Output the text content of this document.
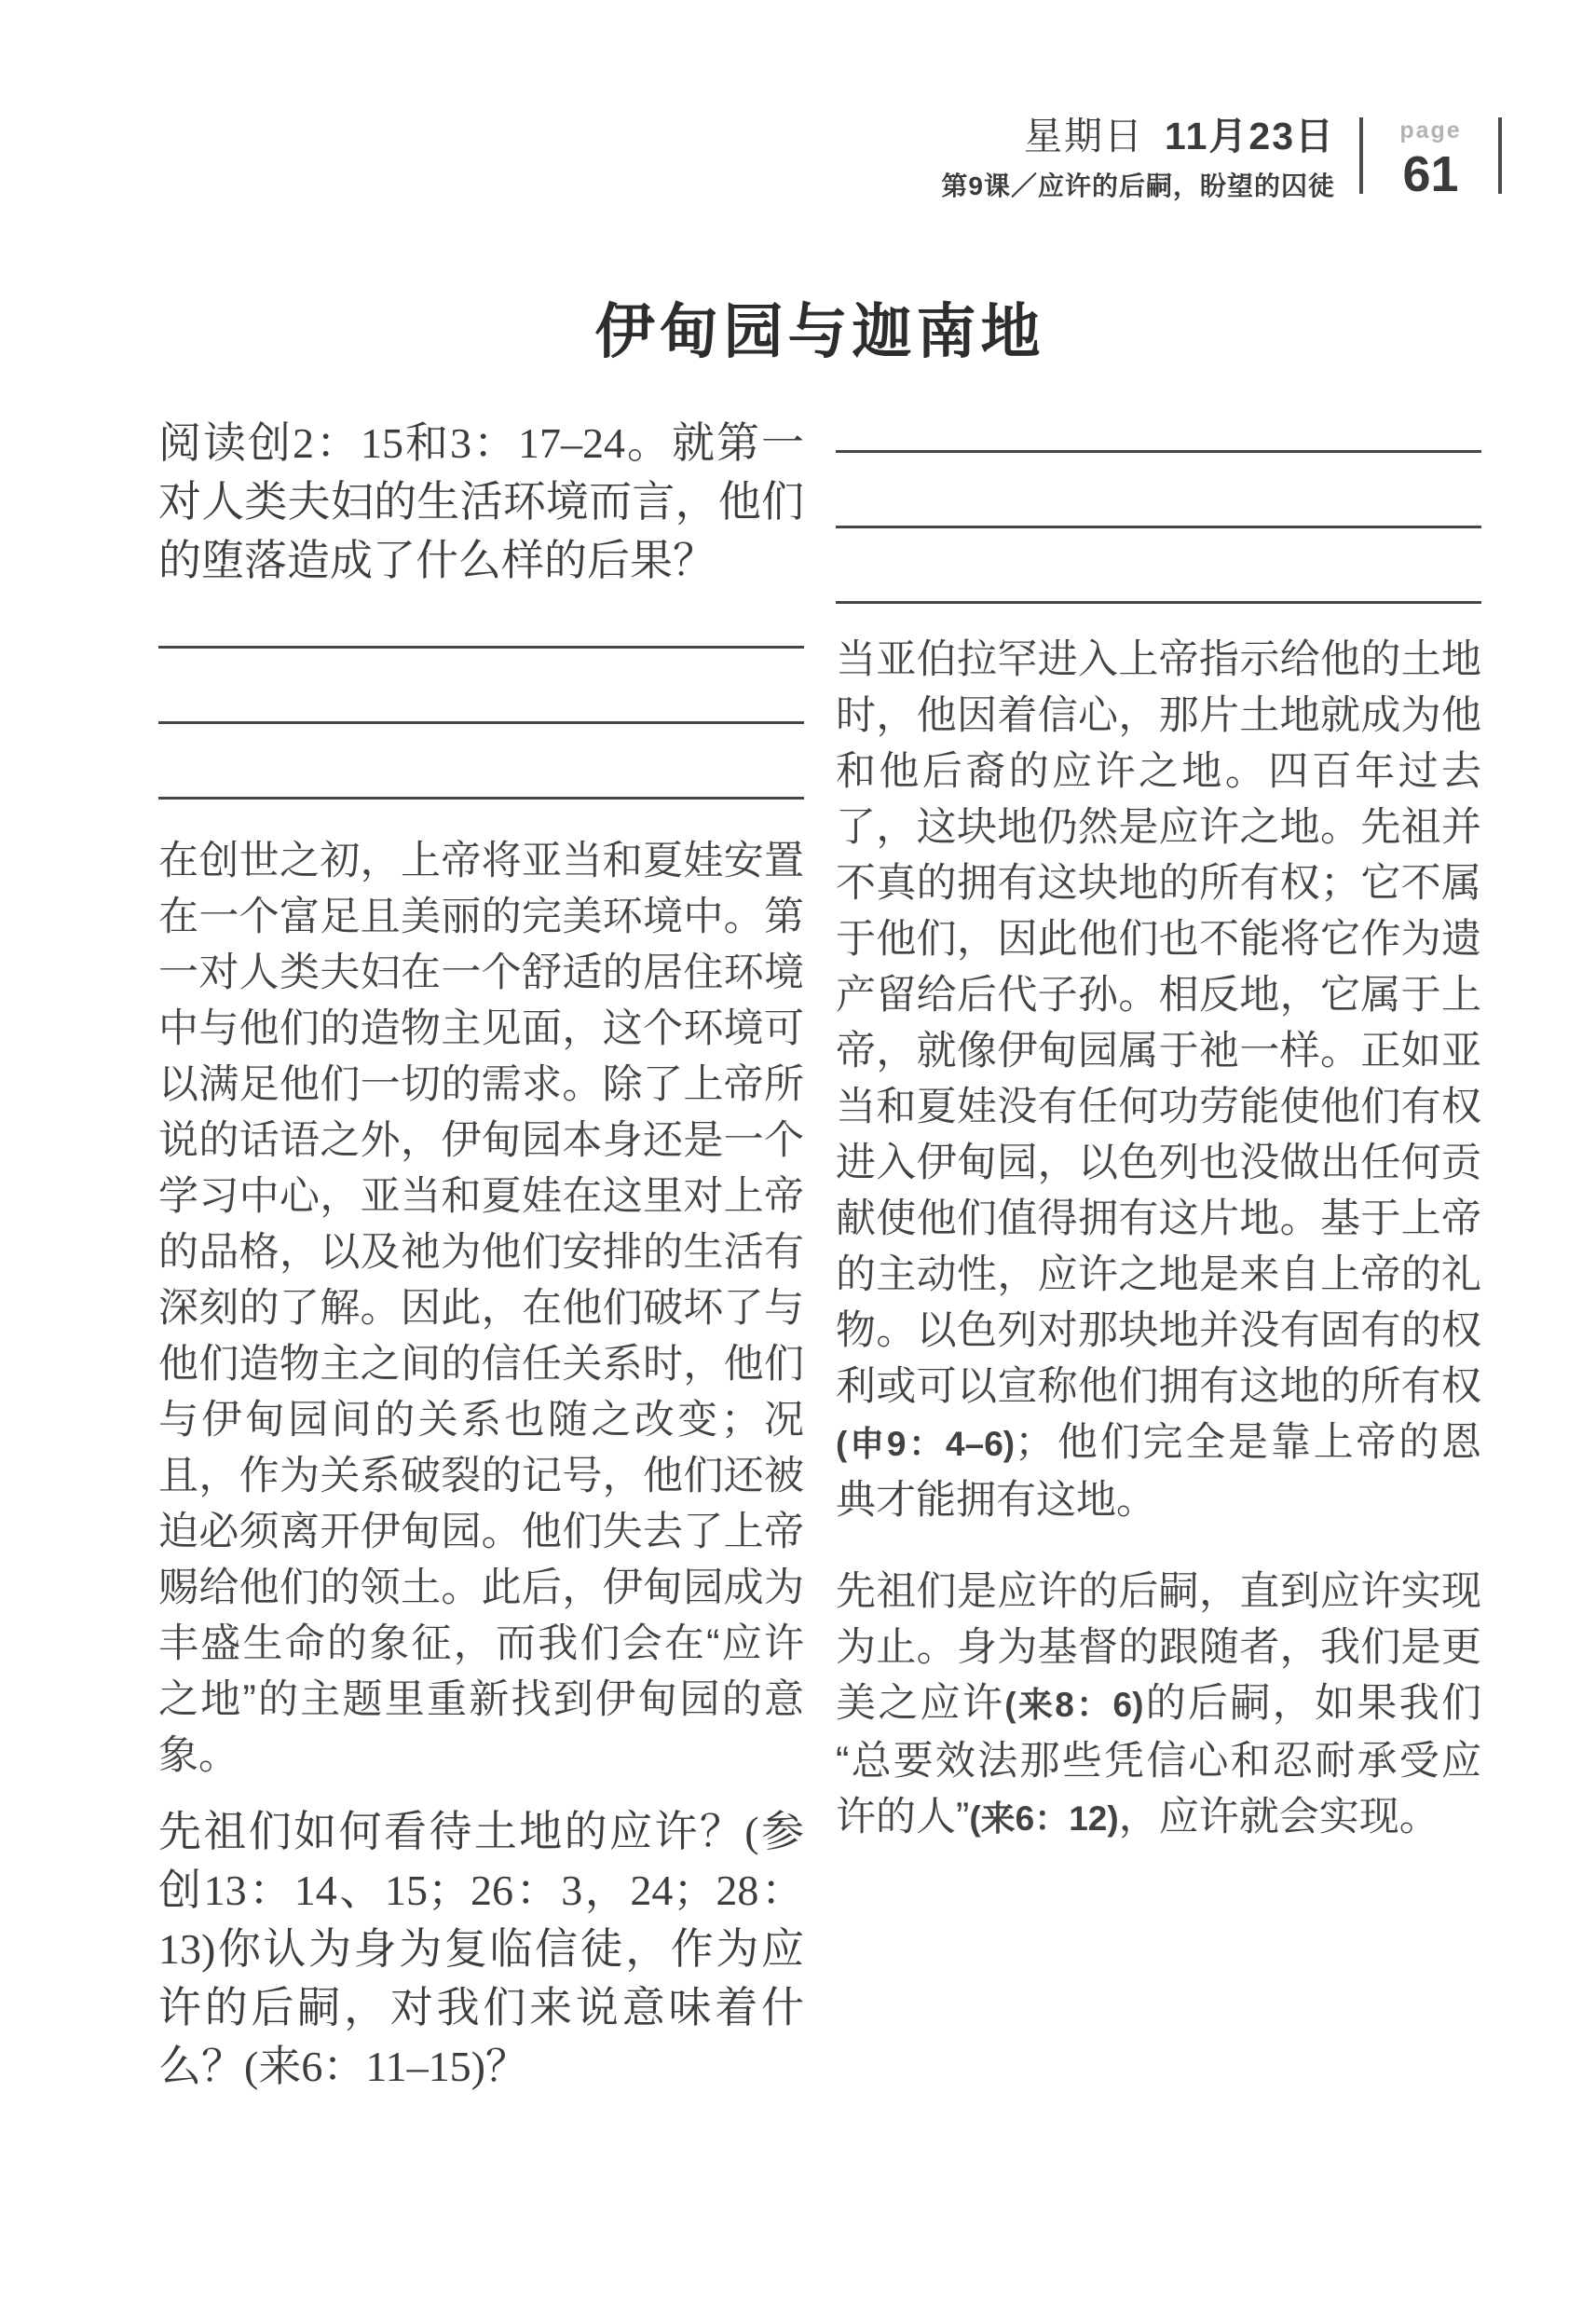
星期日 11月23日
第9课／应许的后嗣，盼望的囚徒
page
61
伊甸园与迦南地

阅读创2：15和3：17–24。就第一对人类夫妇的生活环境而言，他们的堕落造成了什么样的后果？

在创世之初，上帝将亚当和夏娃安置在一个富足且美丽的完美环境中。第一对人类夫妇在一个舒适的居住环境中与他们的造物主见面，这个环境可以满足他们一切的需求。除了上帝所说的话语之外，伊甸园本身还是一个学习中心，亚当和夏娃在这里对上帝的品格，以及祂为他们安排的生活有深刻的了解。因此，在他们破坏了与他们造物主之间的信任关系时，他们与伊甸园间的关系也随之改变；况且，作为关系破裂的记号，他们还被迫必须离开伊甸园。他们失去了上帝赐给他们的领土。此后，伊甸园成为丰盛生命的象征，而我们会在“应许之地”的主题里重新找到伊甸园的意象。

先祖们如何看待土地的应许？(参创13：14、15；26：3，24；28：13)你认为身为复临信徒，作为应许的后嗣，对我们来说意味着什么？(来6：11–15)？

当亚伯拉罕进入上帝指示给他的土地时，他因着信心，那片土地就成为他和他后裔的应许之地。四百年过去了，这块地仍然是应许之地。先祖并不真的拥有这块地的所有权；它不属于他们，因此他们也不能将它作为遗产留给后代子孙。相反地，它属于上帝，就像伊甸园属于祂一样。正如亚当和夏娃没有任何功劳能使他们有权进入伊甸园，以色列也没做出任何贡献使他们值得拥有这片地。基于上帝的主动性，应许之地是来自上帝的礼物。以色列对那块地并没有固有的权利或可以宣称他们拥有这地的所有权(申9：4–6)；他们完全是靠上帝的恩典才能拥有这地。

先祖们是应许的后嗣，直到应许实现为止。身为基督的跟随者，我们是更美之应许(来8：6)的后嗣，如果我们“总要效法那些凭信心和忍耐承受应许的人”(来6：12)，应许就会实现。
